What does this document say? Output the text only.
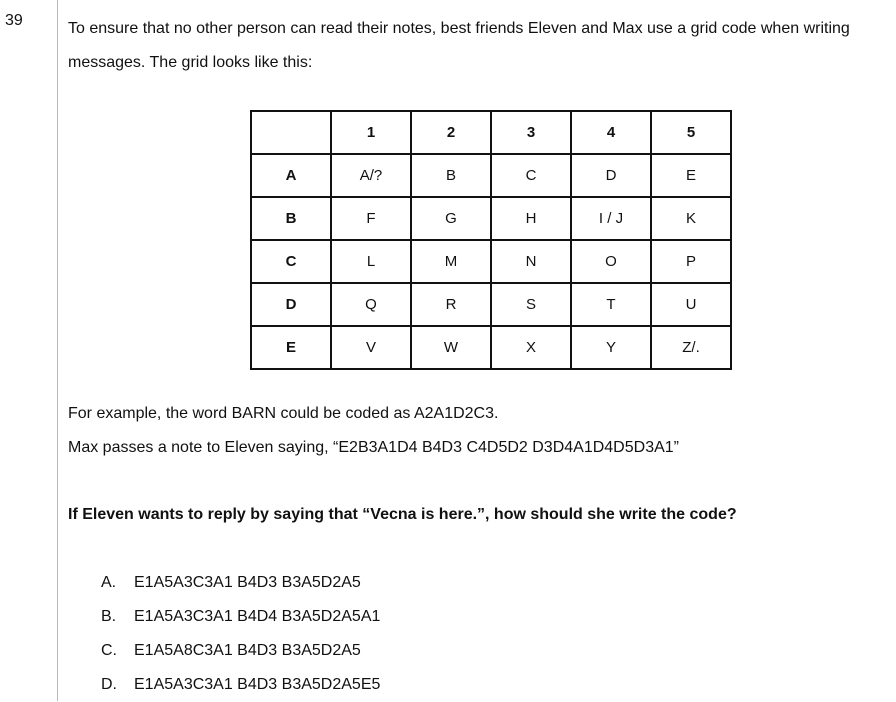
39	To ensure that no other person can read their notes, best friends Eleven and Max use a grid code when writing messages. The grid looks like this:

	1	2	3	4	5
A	A/?	B	C	D	E
B	F	G	H	I / J	K
C	L	M	N	O	P
D	Q	R	S	T	U
E	V	W	X	Y	Z/.
For example, the word BARN could be coded as A2A1D2C3.
Max passes a note to Eleven saying, “E2B3A1D4 B4D3 C4D5D2 D3D4A1D4D5D3A1”

If Eleven wants to reply by saying that “Vecna is here.”, how should she write the code?

A.	E1A5A3C3A1 B4D3 B3A5D2A5
B.	E1A5A3C3A1 B4D4 B3A5D2A5A1
C.	E1A5A8C3A1 B4D3 B3A5D2A5
D.	E1A5A3C3A1 B4D3 B3A5D2A5E5
